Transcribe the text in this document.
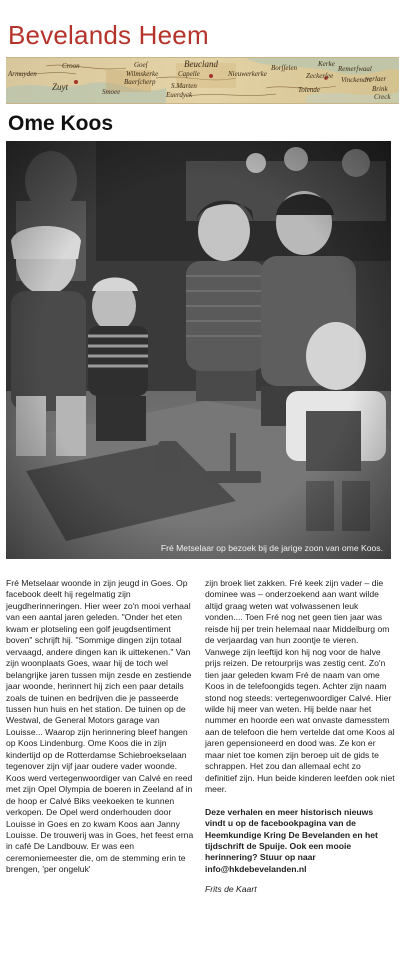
Bevelands Heem
Croon	Goeſ	Beucland	Borſſelen	Kerke
Remerſwaal
Armuyden
Zuyt
Wilmskerke	Capelle	Nieuwerkerke
Vinckendrc
Zeckerſee
Baerſcherp S.Marten	Tolende	Brink
Creck
Smoee	Euerdyck
verlaer
Ome Koos
Fré Metselaar op bezoek bij de jarige zoon van ome Koos.

Fré Metselaar woonde in zijn jeugd in Goes. Op facebook deelt hij regelmatig zijn jeugdherinneringen. Hier weer zo'n mooi verhaal van een aantal jaren geleden. "Onder het eten kwam er plotseling een golf jeugdsentiment boven" schrijft hij. "Sommige dingen zijn totaal vervaagd, andere dingen kan ik uittekenen." Van zijn woonplaats Goes, waar hij de toch wel belangrijke jaren tussen mijn zesde en zestiende jaar woonde, herinnert hij zich een paar details zoals de tuinen en bedrijven die je passeerde tussen hun huis en het station. De tuinen op de Westwal, de General Motors garage van Louisse... Waarop zijn herinnering bleef hangen op Koos Lindenburg. Ome Koos die in zijn kindertijd op de Rotterdamse Schiebroekselaan tegenover zijn vijf jaar oudere vader woonde. Koos werd vertegenwoordiger van Calvé en reed met zijn Opel Olympia de boeren in Zeeland af in de hoop er Calvé Biks veekoeken te kunnen verkopen. De Opel werd onderhouden door Louisse in Goes en zo kwam Koos aan Janny Louisse. De trouwerij was in Goes, het feest erna in café De Landbouw. Er was een ceremoniemeester die, om de stemming erin te brengen, 'per ongeluk'

zijn broek liet zakken. Fré keek zijn vader – die dominee was – onderzoekend aan want wilde altijd graag weten wat volwassenen leuk vonden.... Toen Fré nog net geen tien jaar was reisde hij per trein helemaal naar Middelburg om de verjaardag van hun zoontje te vieren. Vanwege zijn leeftijd kon hij nog voor de halve prijs reizen. De retourprijs was zestig cent. Zo'n tien jaar geleden kwam Fré de naam van ome Koos in de telefoongids tegen. Achter zijn naam stond nog steeds: vertegenwoordiger Calvé. Hier wilde hij meer van weten. Hij belde naar het nummer en hoorde een wat onvaste damesstem aan de telefoon die hem vertelde dat ome Koos al jaren gepensioneerd en dood was. Ze kon er maar niet toe komen zijn beroep uit de gids te schrappen. Het zou dan allemaal echt zo definitief zijn. Hun beide kinderen leefden ook niet meer.

Deze verhalen en meer historisch nieuws vindt u op de facebookpagina van de Heemkundige Kring De Bevelanden en het tijdschrift de Spuije. Ook een mooie herinnering? Stuur op naar info@hkdebevelanden.nl

Frits de Kaart
